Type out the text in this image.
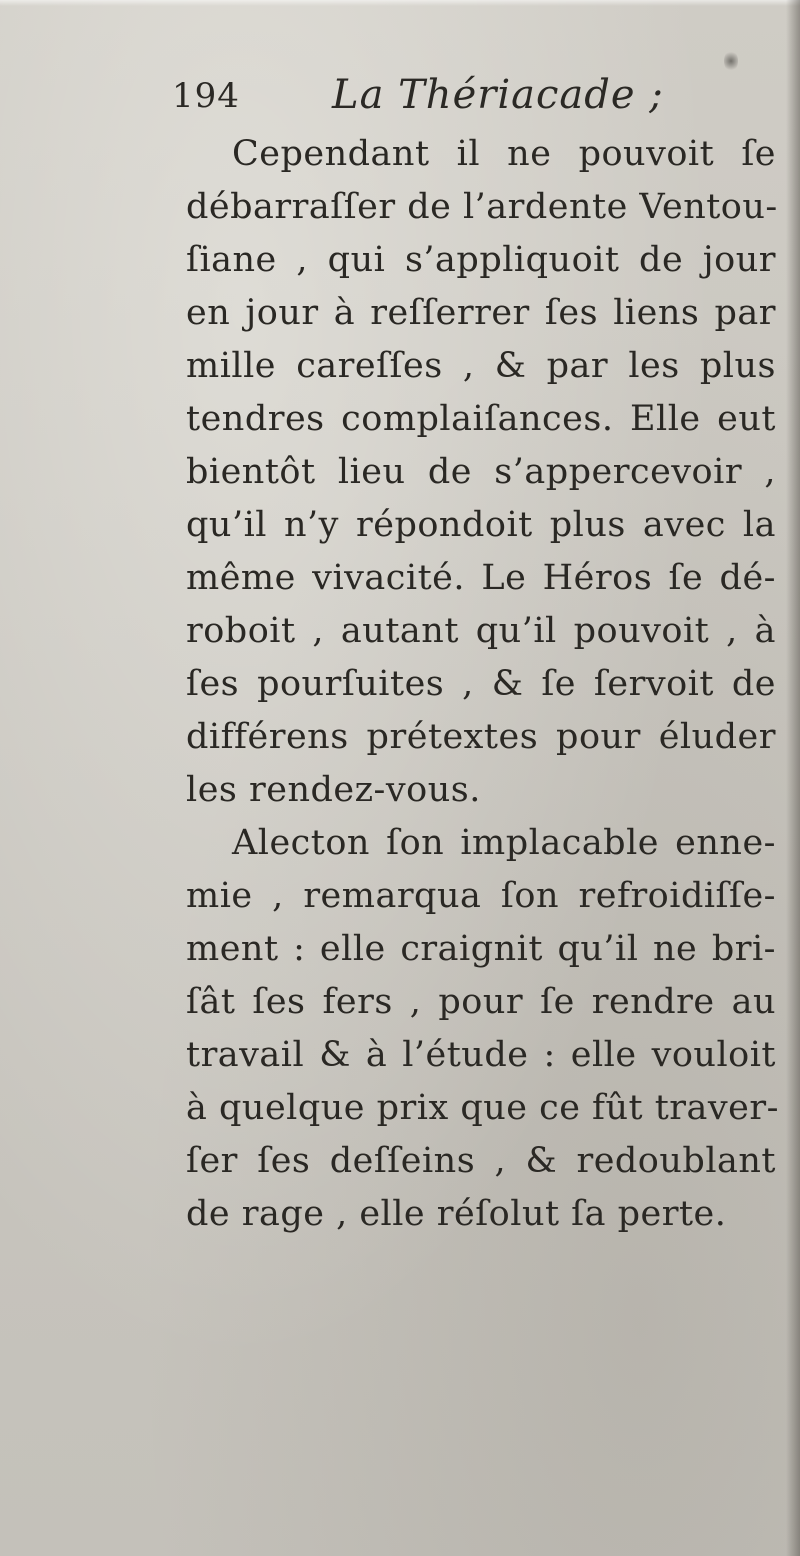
194 La Thériacade ;
Cependant il ne pouvoit ſe
débarraſſer de l’ardente Ventou-
ſiane , qui s’appliquoit de jour
en jour à reſſerrer ſes liens par
mille careſſes , & par les plus
tendres complaiſances. Elle eut
bientôt lieu de s’appercevoir ,
qu’il n’y répondoit plus avec la
même vivacité. Le Héros ſe dé-
roboit , autant qu’il pouvoit , à
ſes pourſuites , & ſe ſervoit de
différens prétextes pour éluder
les rendez-vous.
Alecton ſon implacable enne-
mie , remarqua ſon refroidiſſe-
ment : elle craignit qu’il ne bri-
ſât ſes fers , pour ſe rendre au
travail & à l’étude : elle vouloit
à quelque prix que ce fût traver-
ſer ſes deſſeins , & redoublant
de rage , elle réſolut ſa perte.
